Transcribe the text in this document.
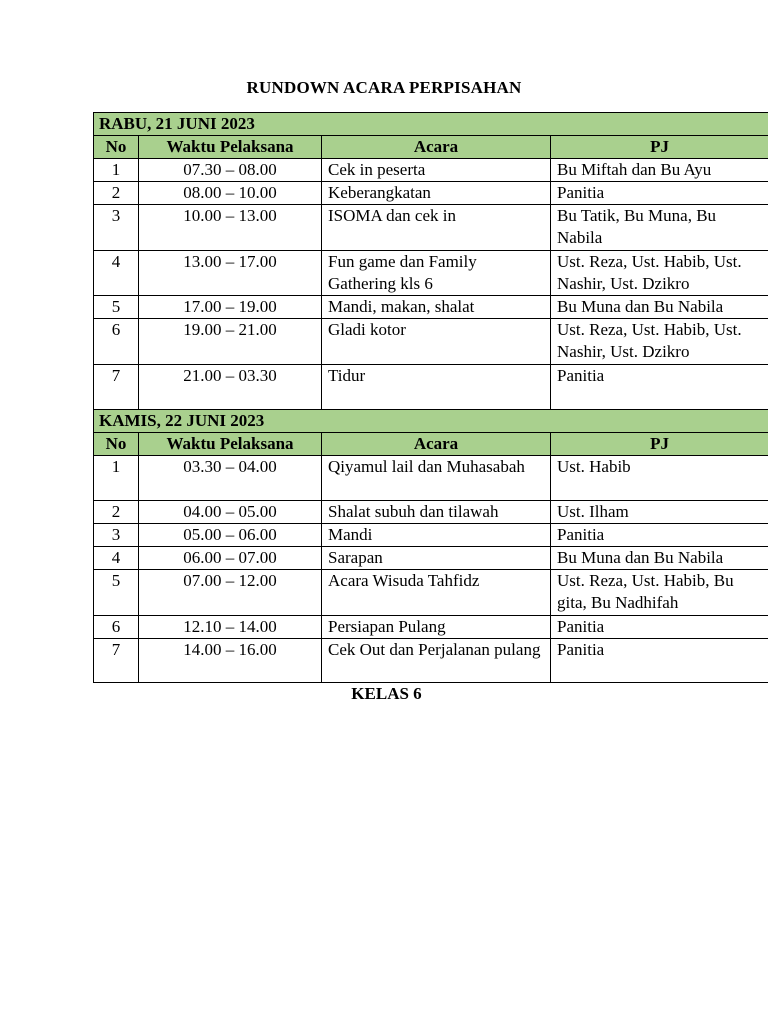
RUNDOWN ACARA PERPISAHAN
RABU, 21 JUNI 2023			
No	Waktu Pelaksana	Acara	PJ
1	07.30 – 08.00	Cek in peserta	Bu Miftah dan Bu Ayu
2	08.00 – 10.00	Keberangkatan	Panitia
3	10.00 – 13.00	ISOMA dan cek in	Bu Tatik, Bu Muna, Bu Nabila
4	13.00 – 17.00	Fun game dan Family Gathering kls 6	Ust. Reza, Ust. Habib, Ust. Nashir, Ust. Dzikro
5	17.00 – 19.00	Mandi, makan, shalat	Bu Muna dan Bu Nabila
6	19.00 – 21.00	Gladi kotor	Ust. Reza, Ust. Habib, Ust. Nashir, Ust. Dzikro
7	21.00 – 03.30	Tidur	Panitia
KAMIS, 22 JUNI 2023			
No	Waktu Pelaksana	Acara	PJ
1	03.30 – 04.00	Qiyamul lail dan Muhasabah	Ust. Habib
2	04.00 – 05.00	Shalat subuh dan tilawah	Ust. Ilham
3	05.00 – 06.00	Mandi	Panitia
4	06.00 – 07.00	Sarapan	Bu Muna dan Bu Nabila
5	07.00 – 12.00	Acara Wisuda Tahfidz	Ust. Reza, Ust. Habib, Bu gita, Bu Nadhifah
6	12.10 – 14.00	Persiapan Pulang	Panitia
7	14.00 – 16.00	Cek Out dan Perjalanan pulang	Panitia
KELAS 6
